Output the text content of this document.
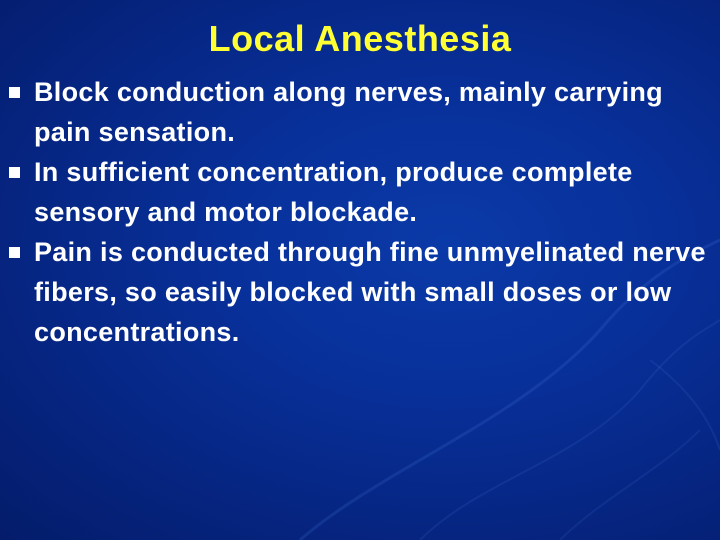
Local Anesthesia
Block conduction along nerves, mainly carrying pain sensation.
In sufficient concentration, produce complete sensory and motor blockade.
Pain is conducted through fine unmyelinated nerve fibers, so easily blocked with small doses or low concentrations.
